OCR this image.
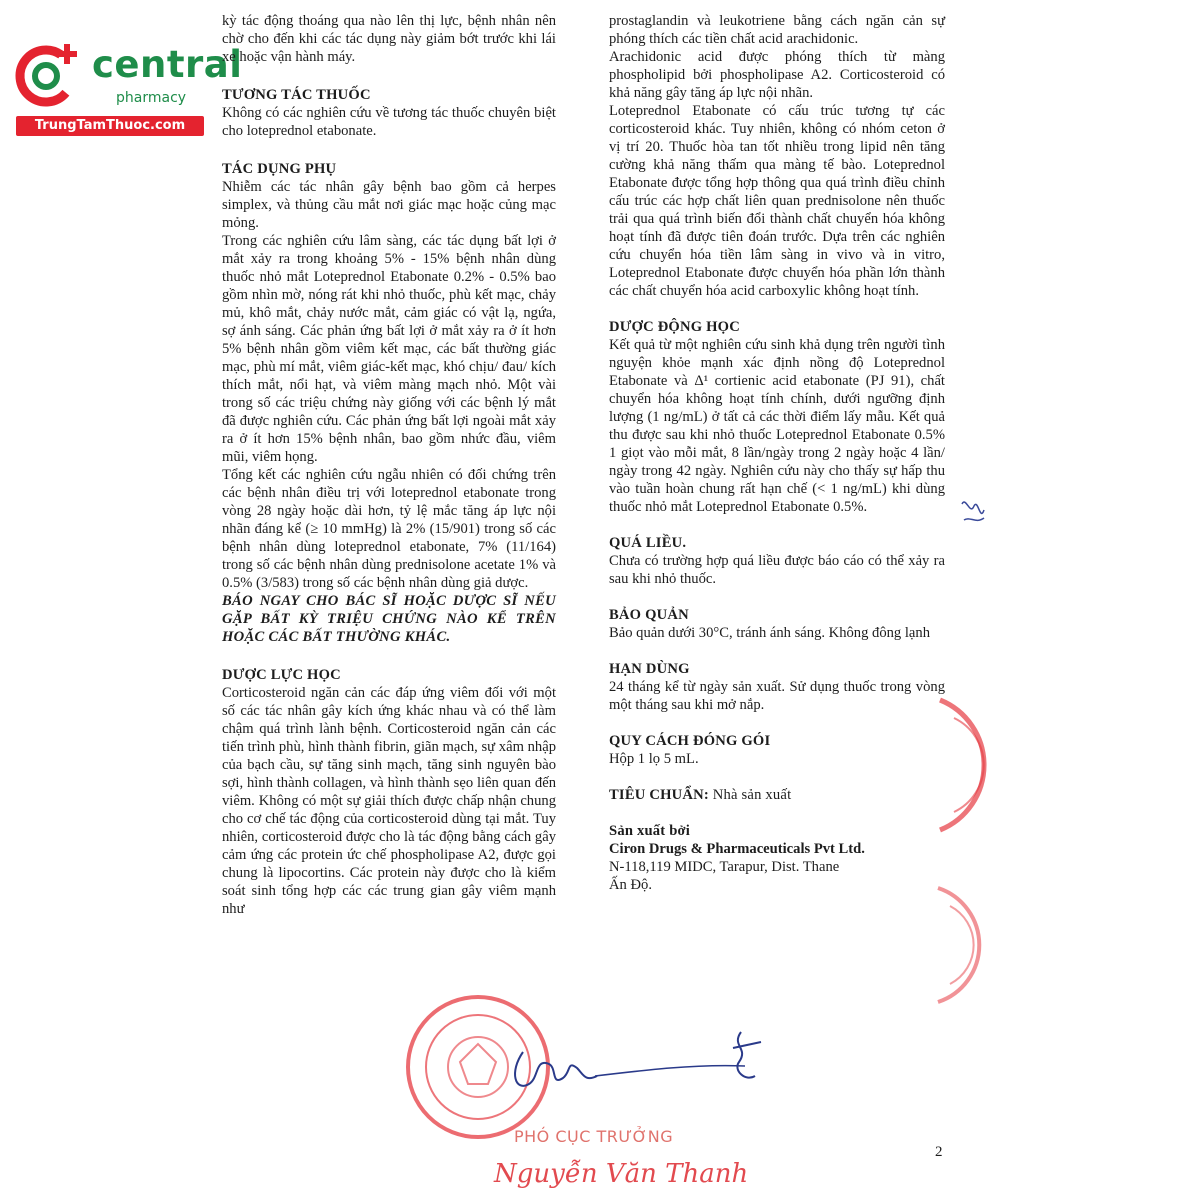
central
pharmacy
TrungTamThuoc.com

kỳ tác động thoáng qua nào lên thị lực, bệnh nhân nên chờ cho đến khi các tác dụng này giảm bớt trước khi lái xe hoặc vận hành máy.

TƯƠNG TÁC THUỐC

Không có các nghiên cứu về tương tác thuốc chuyên biệt cho loteprednol etabonate.

TÁC DỤNG PHỤ

Nhiễm các tác nhân gây bệnh bao gồm cả herpes simplex, và thủng cầu mắt nơi giác mạc hoặc củng mạc mỏng.

Trong các nghiên cứu lâm sàng, các tác dụng bất lợi ở mắt xảy ra trong khoảng 5% - 15% bệnh nhân dùng thuốc nhỏ mắt Loteprednol Etabonate 0.2% - 0.5% bao gồm nhìn mờ, nóng rát khi nhỏ thuốc, phù kết mạc, chảy mủ, khô mắt, chảy nước mắt, cảm giác có vật lạ, ngứa, sợ ánh sáng. Các phản ứng bất lợi ở mắt xảy ra ở ít hơn 5% bệnh nhân gồm viêm kết mạc, các bất thường giác mạc, phù mí mắt, viêm giác-kết mạc, khó chịu/ đau/ kích thích mắt, nổi hạt, và viêm màng mạch nhỏ. Một vài trong số các triệu chứng này giống với các bệnh lý mắt đã được nghiên cứu. Các phản ứng bất lợi ngoài mắt xảy ra ở ít hơn 15% bệnh nhân, bao gồm nhức đầu, viêm mũi, viêm họng.

Tổng kết các nghiên cứu ngẫu nhiên có đối chứng trên các bệnh nhân điều trị với loteprednol etabonate trong vòng 28 ngày hoặc dài hơn, tỷ lệ mắc tăng áp lực nội nhãn đáng kể (≥ 10 mmHg) là 2% (15/901) trong số các bệnh nhân dùng loteprednol etabonate, 7% (11/164) trong số các bệnh nhân dùng prednisolone acetate 1% và 0.5% (3/583) trong số các bệnh nhân dùng giả dược.

BÁO NGAY CHO BÁC SĨ HOẶC DƯỢC SĨ NẾU GẶP BẤT KỲ TRIỆU CHỨNG NÀO KỂ TRÊN HOẶC CÁC BẤT THƯỜNG KHÁC.

DƯỢC LỰC HỌC

Corticosteroid ngăn cản các đáp ứng viêm đối với một số các tác nhân gây kích ứng khác nhau và có thể làm chậm quá trình lành bệnh. Corticosteroid ngăn cản các tiến trình phù, hình thành fibrin, giãn mạch, sự xâm nhập của bạch cầu, sự tăng sinh mạch, tăng sinh nguyên bào sợi, hình thành collagen, và hình thành sẹo liên quan đến viêm. Không có một sự giải thích được chấp nhận chung cho cơ chế tác động của corticosteroid dùng tại mắt. Tuy nhiên, corticosteroid được cho là tác động bằng cách gây cảm ứng các protein ức chế phospholipase A2, được gọi chung là lipocortins. Các protein này được cho là kiểm soát sinh tổng hợp các các trung gian gây viêm mạnh như

prostaglandin và leukotriene bằng cách ngăn cản sự phóng thích các tiền chất acid arachidonic.

Arachidonic acid được phóng thích từ màng phospholipid bởi phospholipase A2. Corticosteroid có khả năng gây tăng áp lực nội nhãn.

Loteprednol Etabonate có cấu trúc tương tự các corticosteroid khác. Tuy nhiên, không có nhóm ceton ở vị trí 20. Thuốc hòa tan tốt nhiều trong lipid nên tăng cường khả năng thấm qua màng tế bào. Loteprednol Etabonate được tổng hợp thông qua quá trình điều chỉnh cấu trúc các hợp chất liên quan prednisolone nên thuốc trải qua quá trình biến đổi thành chất chuyển hóa không hoạt tính đã được tiên đoán trước. Dựa trên các nghiên cứu chuyển hóa tiền lâm sàng in vivo và in vitro, Loteprednol Etabonate được chuyển hóa phần lớn thành các chất chuyển hóa acid carboxylic không hoạt tính.

DƯỢC ĐỘNG HỌC

Kết quả từ một nghiên cứu sinh khả dụng trên người tình nguyện khỏe mạnh xác định nồng độ Loteprednol Etabonate và Δ¹ cortienic acid etabonate (PJ 91), chất chuyển hóa không hoạt tính chính, dưới ngưỡng định lượng (1 ng/mL) ở tất cả các thời điểm lấy mẫu. Kết quả thu được sau khi nhỏ thuốc Loteprednol Etabonate 0.5% 1 giọt vào mỗi mắt, 8 lần/ngày trong 2 ngày hoặc 4 lần/ ngày trong 42 ngày. Nghiên cứu này cho thấy sự hấp thu vào tuần hoàn chung rất hạn chế (< 1 ng/mL) khi dùng thuốc nhỏ mắt Loteprednol Etabonate 0.5%.

QUÁ LIỀU.

Chưa có trường hợp quá liều được báo cáo có thể xảy ra sau khi nhỏ thuốc.

BẢO QUẢN

Bảo quản dưới 30°C, tránh ánh sáng. Không đông lạnh

HẠN DÙNG

24 tháng kể từ ngày sản xuất. Sử dụng thuốc trong vòng một tháng sau khi mở nắp.

QUY CÁCH ĐÓNG GÓI

Hộp 1 lọ 5 mL.

TIÊU CHUẨN: Nhà sản xuất
Sản xuất bởi

Ciron Drugs & Pharmaceuticals Pvt Ltd.

N-118,119 MIDC, Tarapur, Dist. Thane

Ấn Độ.

PHÓ CỤC TRƯỞNG
Nguyễn Văn Thanh
2
